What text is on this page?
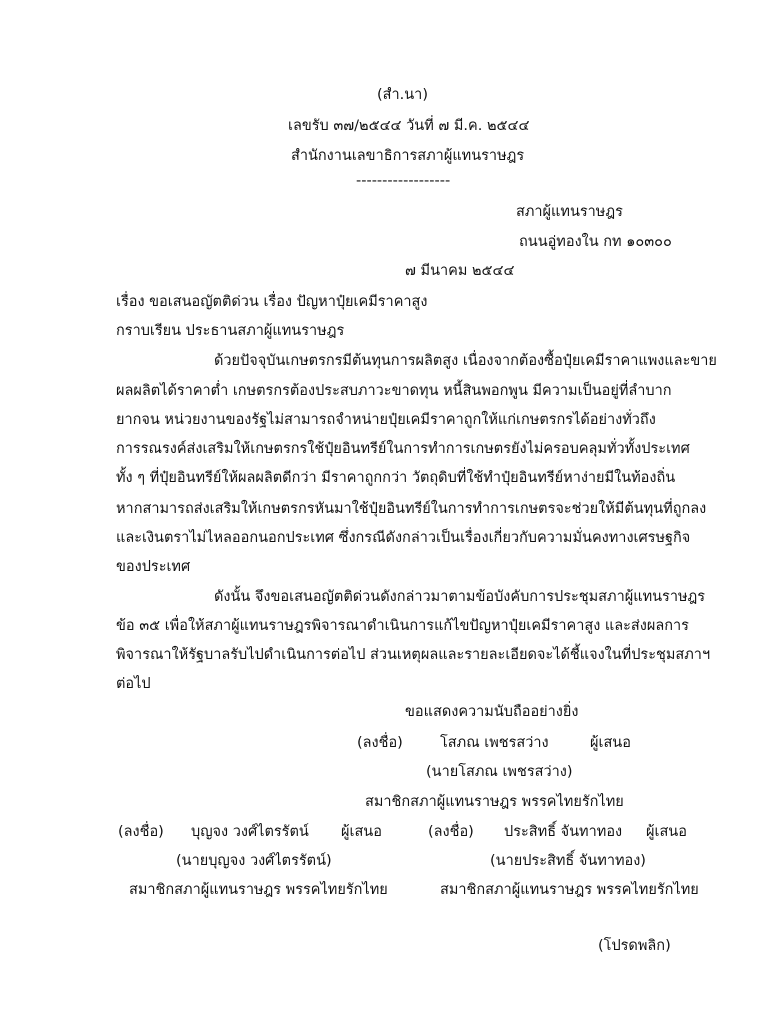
(สำ.นา)
เลขรับ ๓๗/๒๕๔๔ วันที่ ๗ มี.ค. ๒๕๔๔
สำนักงานเลขาธิการสภาผู้แทนราษฎร
------------------
สภาผู้แทนราษฎร
ถนนอู่ทองใน กท ๑๐๓๐๐
๗ มีนาคม ๒๕๔๔
เรื่อง ขอเสนอญัตติด่วน เรื่อง ปัญหาปุ๋ยเคมีราคาสูง
กราบเรียน ประธานสภาผู้แทนราษฎร
ด้วยปัจจุบันเกษตรกรมีต้นทุนการผลิตสูง เนื่องจากต้องซื้อปุ๋ยเคมีราคาแพงและขาย
ผลผลิตได้ราคาต่ำ เกษตรกรต้องประสบภาวะขาดทุน หนี้สินพอกพูน มีความเป็นอยู่ที่ลำบาก
ยากจน หน่วยงานของรัฐไม่สามารถจำหน่ายปุ๋ยเคมีราคาถูกให้แก่เกษตรกรได้อย่างทั่วถึง
การรณรงค์ส่งเสริมให้เกษตรกรใช้ปุ๋ยอินทรีย์ในการทำการเกษตรยังไม่ครอบคลุมทั่วทั้งประเทศ
ทั้ง ๆ ที่ปุ๋ยอินทรีย์ให้ผลผลิตดีกว่า มีราคาถูกกว่า วัตถุดิบที่ใช้ทำปุ๋ยอินทรีย์หาง่ายมีในท้องถิ่น
หากสามารถส่งเสริมให้เกษตรกรหันมาใช้ปุ๋ยอินทรีย์ในการทำการเกษตรจะช่วยให้มีต้นทุนที่ถูกลง
และเงินตราไม่ไหลออกนอกประเทศ ซึ่งกรณีดังกล่าวเป็นเรื่องเกี่ยวกับความมั่นคงทางเศรษฐกิจ
ของประเทศ
ดังนั้น จึงขอเสนอญัตติด่วนดังกล่าวมาตามข้อบังคับการประชุมสภาผู้แทนราษฎร
ข้อ ๓๕ เพื่อให้สภาผู้แทนราษฎรพิจารณาดำเนินการแก้ไขปัญหาปุ๋ยเคมีราคาสูง และส่งผลการ
พิจารณาให้รัฐบาลรับไปดำเนินการต่อไป ส่วนเหตุผลและรายละเอียดจะได้ชี้แจงในที่ประชุมสภาฯ
ต่อไป
ขอแสดงความนับถืออย่างยิ่ง
(ลงชื่อ)	โสภณ เพชรสว่าง	ผู้เสนอ
(นายโสภณ เพชรสว่าง)
สมาชิกสภาผู้แทนราษฎร พรรคไทยรักไทย
(ลงชื่อ) บุญจง วงศ์ไตรรัตน์ ผู้เสนอ
(นายบุญจง วงศ์ไตรรัตน์)
สมาชิกสภาผู้แทนราษฎร พรรคไทยรักไทย
(ลงชื่อ) ประสิทธิ์ จันทาทอง ผู้เสนอ
(นายประสิทธิ์ จันทาทอง)
สมาชิกสภาผู้แทนราษฎร พรรคไทยรักไทย
(โปรดพลิก)
